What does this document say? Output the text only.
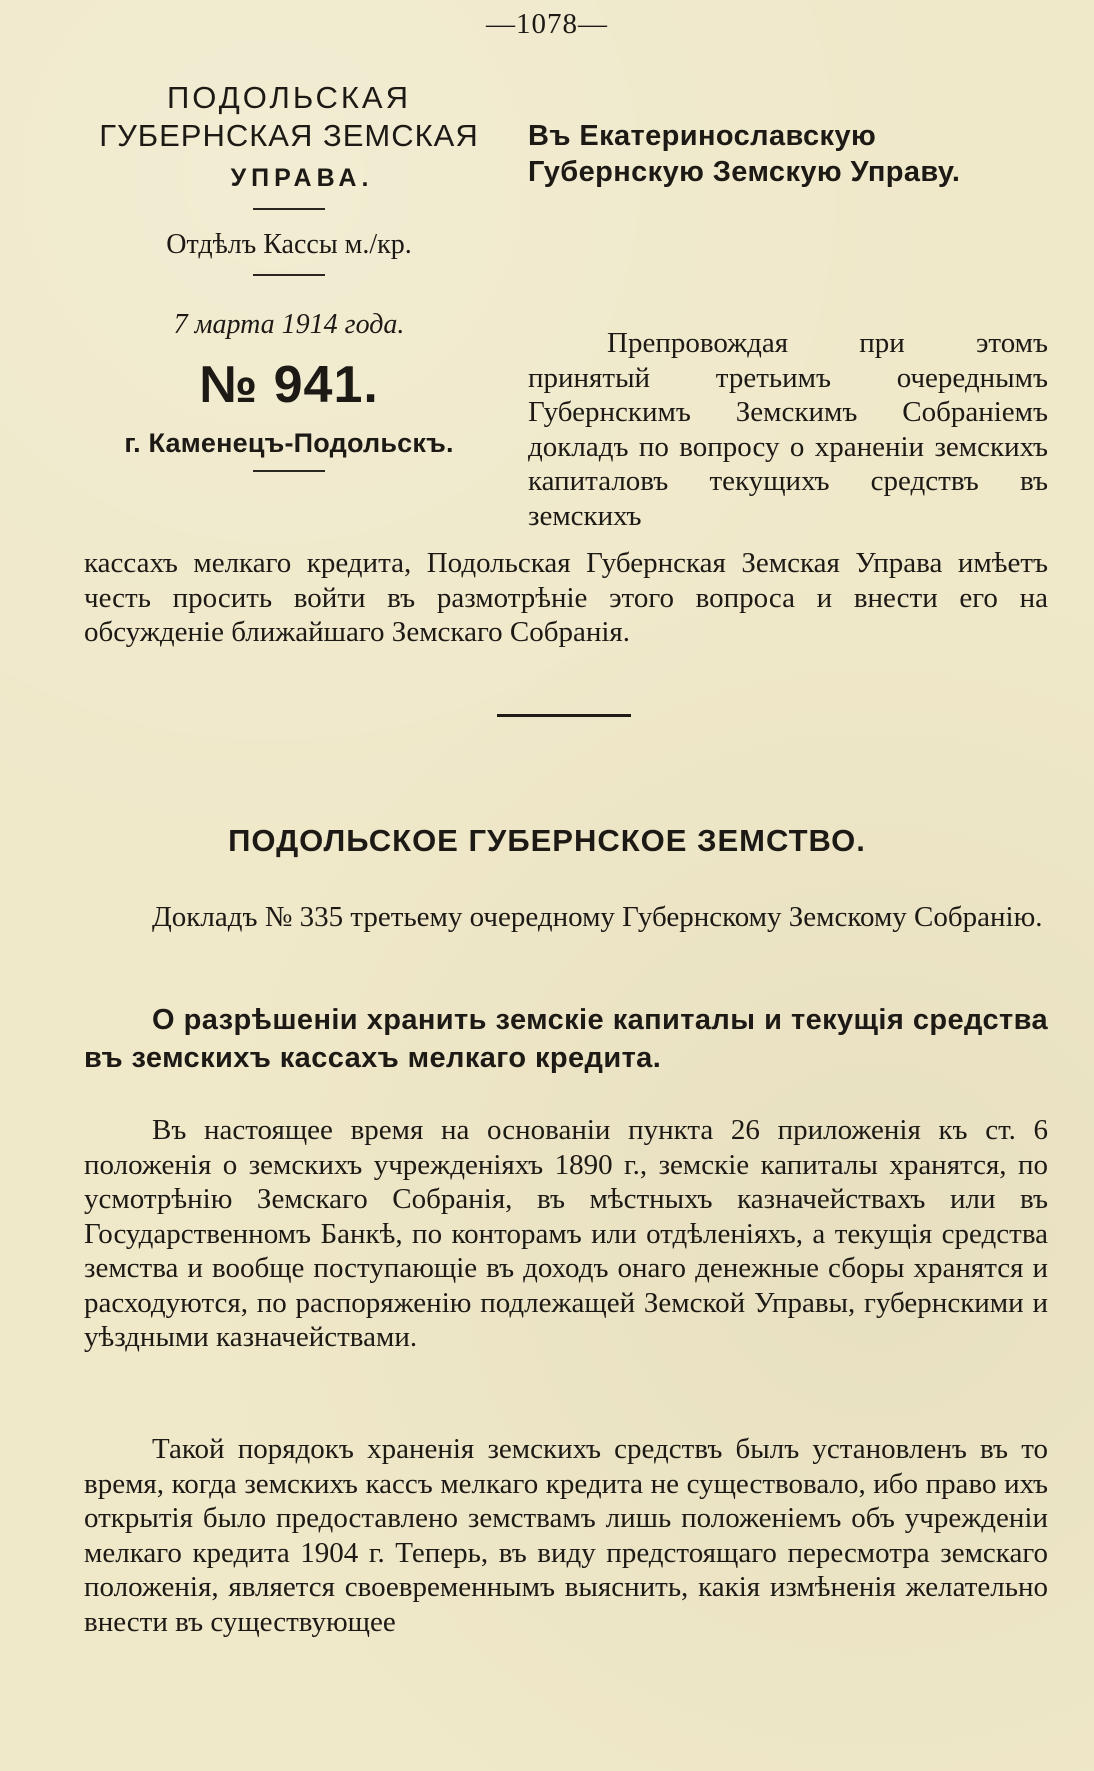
—1078—
ПОДОЛЬСКАЯ
ГУБЕРНСКАЯ ЗЕМСКАЯ
УПРАВА.
Отдѣлъ Кассы м./кр.
7 марта 1914 года.
№ 941.
г. Каменецъ-Подольскъ.
Въ Екатеринославскую Губернскую Земскую Управу.
Препровождая при этомъ принятый третьимъ очереднымъ Губернскимъ Земскимъ Собраніемъ докладъ по вопросу о храненіи земскихъ капиталовъ текущихъ средствъ въ земскихъ
кассахъ мелкаго кредита, Подольская Губернская Земская Управа имѣетъ честь просить войти въ размотрѣніе этого вопроса и внести его на обсужденіе ближайшаго Земскаго Собранія.
ПОДОЛЬСКОЕ ГУБЕРНСКОЕ ЗЕМСТВО.
Докладъ № 335 третьему очередному Губернскому Земскому Собранію.
О разрѣшеніи хранить земскіе капиталы и текущія средства въ земскихъ кассахъ мелкаго кредита.
Въ настоящее время на основаніи пункта 26 приложенія къ ст. 6 положенія о земскихъ учрежденіяхъ 1890 г., земскіе капиталы хранятся, по усмотрѣнію Земскаго Собранія, въ мѣстныхъ казначействахъ или въ Государственномъ Банкѣ, по конторамъ или отдѣленіяхъ, а текущія средства земства и вообще поступающіе въ доходъ онаго денежные сборы хранятся и расходуются, по распоряженію подлежащей Земской Управы, губернскими и уѣздными казначействами.
Такой порядокъ храненія земскихъ средствъ былъ установленъ въ то время, когда земскихъ кассъ мелкаго кредита не существовало, ибо право ихъ открытія было предоставлено земствамъ лишь положеніемъ объ учрежденіи мелкаго кредита 1904 г. Теперь, въ виду предстоящаго пересмотра земскаго положенія, является своевременнымъ выяснить, какія измѣненія желательно внести въ существующее
